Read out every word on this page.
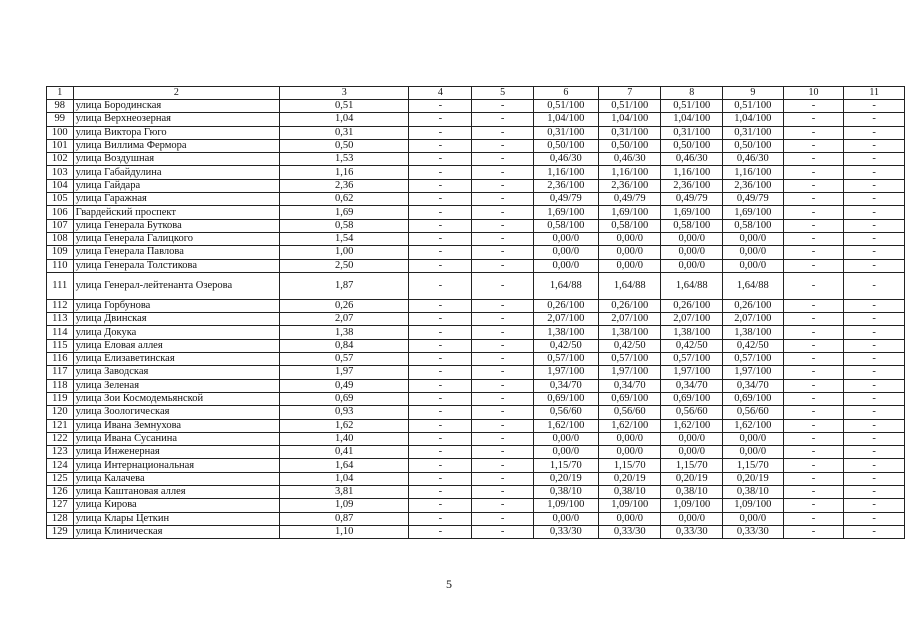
1	2	3	4	5	6	7	8	9	10	11
98	улица Бородинская	0,51	-	-	0,51/100	0,51/100	0,51/100	0,51/100	-	-
99	улица Верхнеозерная	1,04	-	-	1,04/100	1,04/100	1,04/100	1,04/100	-	-
100	улица Виктора Гюго	0,31	-	-	0,31/100	0,31/100	0,31/100	0,31/100	-	-
101	улица Виллима Фермора	0,50	-	-	0,50/100	0,50/100	0,50/100	0,50/100	-	-
102	улица Воздушная	1,53	-	-	0,46/30	0,46/30	0,46/30	0,46/30	-	-
103	улица Габайдулина	1,16	-	-	1,16/100	1,16/100	1,16/100	1,16/100	-	-
104	улица Гайдара	2,36	-	-	2,36/100	2,36/100	2,36/100	2,36/100	-	-
105	улица Гаражная	0,62	-	-	0,49/79	0,49/79	0,49/79	0,49/79	-	-
106	Гвардейский проспект	1,69	-	-	1,69/100	1,69/100	1,69/100	1,69/100	-	-
107	улица Генерала Буткова	0,58	-	-	0,58/100	0,58/100	0,58/100	0,58/100	-	-
108	улица Генерала Галицкого	1,54	-	-	0,00/0	0,00/0	0,00/0	0,00/0	-	-
109	улица Генерала Павлова	1,00	-	-	0,00/0	0,00/0	0,00/0	0,00/0	-	-
110	улица Генерала Толстикова	2,50	-	-	0,00/0	0,00/0	0,00/0	0,00/0	-	-
111	улица Генерал-лейтенанта Озерова	1,87	-	-	1,64/88	1,64/88	1,64/88	1,64/88	-	-
112	улица Горбунова	0,26	-	-	0,26/100	0,26/100	0,26/100	0,26/100	-	-
113	улица Двинская	2,07	-	-	2,07/100	2,07/100	2,07/100	2,07/100	-	-
114	улица Докука	1,38	-	-	1,38/100	1,38/100	1,38/100	1,38/100	-	-
115	улица Еловая аллея	0,84	-	-	0,42/50	0,42/50	0,42/50	0,42/50	-	-
116	улица Елизаветинская	0,57	-	-	0,57/100	0,57/100	0,57/100	0,57/100	-	-
117	улица Заводская	1,97	-	-	1,97/100	1,97/100	1,97/100	1,97/100	-	-
118	улица Зеленая	0,49	-	-	0,34/70	0,34/70	0,34/70	0,34/70	-	-
119	улица Зои Космодемьянской	0,69	-	-	0,69/100	0,69/100	0,69/100	0,69/100	-	-
120	улица Зоологическая	0,93	-	-	0,56/60	0,56/60	0,56/60	0,56/60	-	-
121	улица Ивана Земнухова	1,62	-	-	1,62/100	1,62/100	1,62/100	1,62/100	-	-
122	улица Ивана Сусанина	1,40	-	-	0,00/0	0,00/0	0,00/0	0,00/0	-	-
123	улица Инженерная	0,41	-	-	0,00/0	0,00/0	0,00/0	0,00/0	-	-
124	улица Интернациональная	1,64	-	-	1,15/70	1,15/70	1,15/70	1,15/70	-	-
125	улица Калачева	1,04	-	-	0,20/19	0,20/19	0,20/19	0,20/19	-	-
126	улица Каштановая аллея	3,81	-	-	0,38/10	0,38/10	0,38/10	0,38/10	-	-
127	улица Кирова	1,09	-	-	1,09/100	1,09/100	1,09/100	1,09/100	-	-
128	улица Клары Цеткин	0,87	-	-	0,00/0	0,00/0	0,00/0	0,00/0	-	-
129	улица Клиническая	1,10	-	-	0,33/30	0,33/30	0,33/30	0,33/30	-	-
5
